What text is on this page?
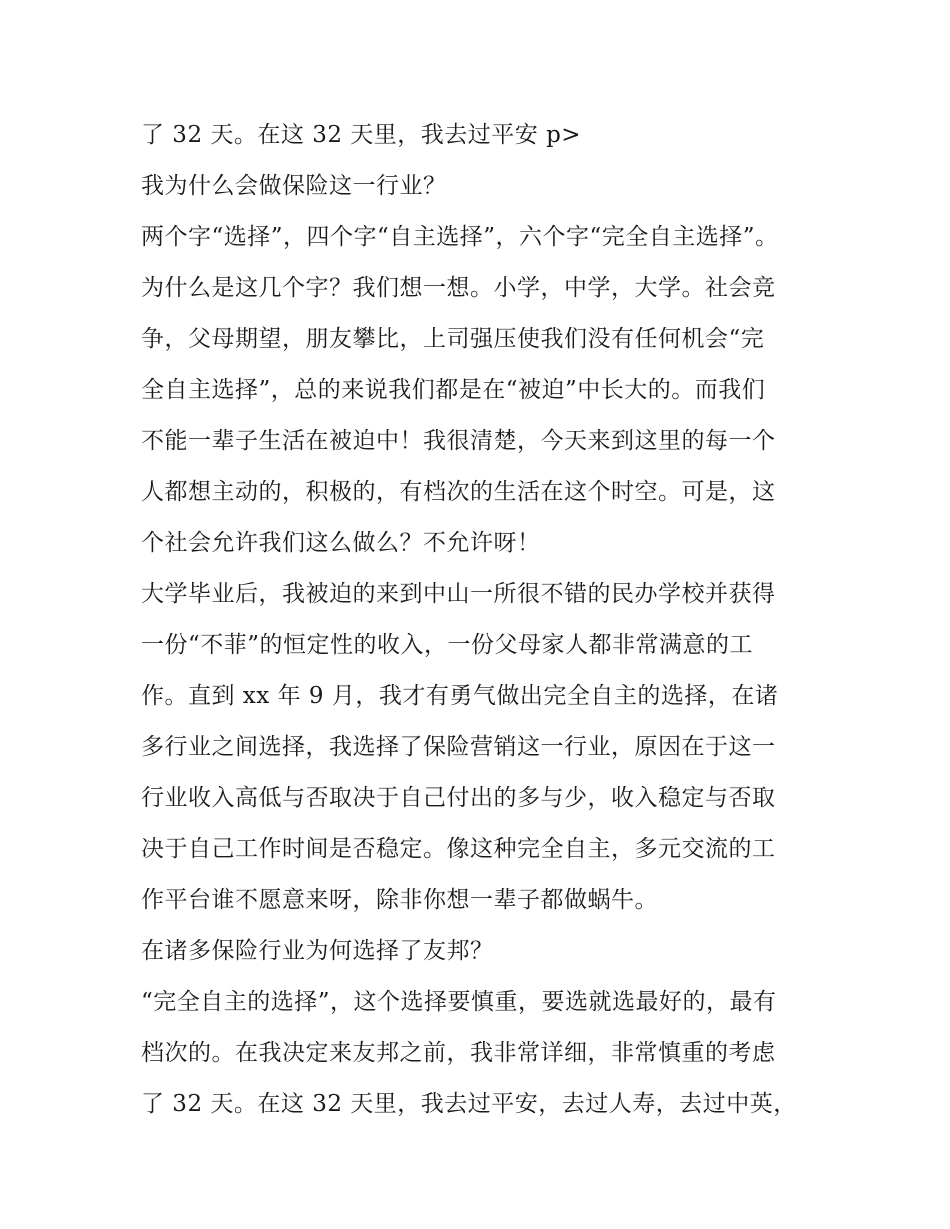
了 32 天。在这 32 天里，我去过平安 p>
我为什么会做保险这一行业？
两个字“选择”，四个字“自主选择”，六个字“完全自主选择”。
为什么是这几个字？我们想一想。小学，中学，大学。社会竞
争，父母期望，朋友攀比，上司强压使我们没有任何机会“完
全自主选择”，总的来说我们都是在“被迫”中长大的。而我们
不能一辈子生活在被迫中！我很清楚，今天来到这里的每一个
人都想主动的，积极的，有档次的生活在这个时空。可是，这
个社会允许我们这么做么？不允许呀！
大学毕业后，我被迫的来到中山一所很不错的民办学校并获得
一份“不菲”的恒定性的收入，一份父母家人都非常满意的工
作。直到 xx 年 9 月，我才有勇气做出完全自主的选择，在诸
多行业之间选择，我选择了保险营销这一行业，原因在于这一
行业收入高低与否取决于自己付出的多与少，收入稳定与否取
决于自己工作时间是否稳定。像这种完全自主，多元交流的工
作平台谁不愿意来呀，除非你想一辈子都做蜗牛。
在诸多保险行业为何选择了友邦？
“完全自主的选择”，这个选择要慎重，要选就选最好的，最有
档次的。在我决定来友邦之前，我非常详细，非常慎重的考虑
了 32 天。在这 32 天里，我去过平安，去过人寿，去过中英，
